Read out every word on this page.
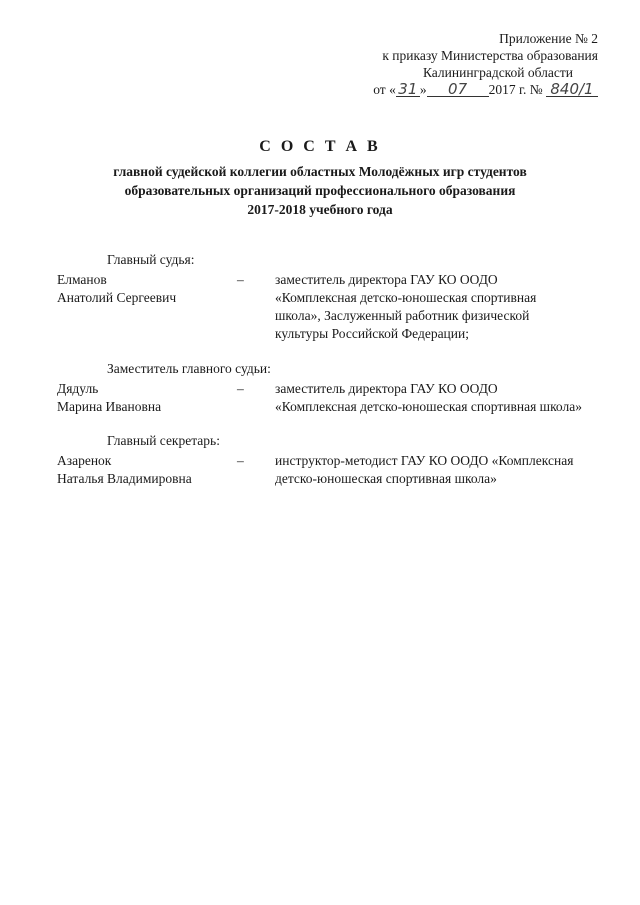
Приложение № 2
к приказу Министерства образования
Калининградской области
от « 31 » 07 2017 г. № 840/1
С О С Т А В
главной судейской коллегии областных Молодёжных игр студентов
образовательных организаций профессионального образования
2017-2018 учебного года
Главный судья:
Елманов
Анатолий Сергеевич
–	заместитель директора ГАУ КО ООДО
«Комплексная детско-юношеская спортивная
школа», Заслуженный работник физической
культуры Российской Федерации;
Заместитель главного судьи:
Дядуль
Марина Ивановна
–	заместитель директора ГАУ КО ООДО
«Комплексная детско-юношеская спортивная школа»
Главный секретарь:
Азаренок
Наталья Владимировна
–	инструктор-методист ГАУ КО ООДО «Комплексная
детско-юношеская спортивная школа»
